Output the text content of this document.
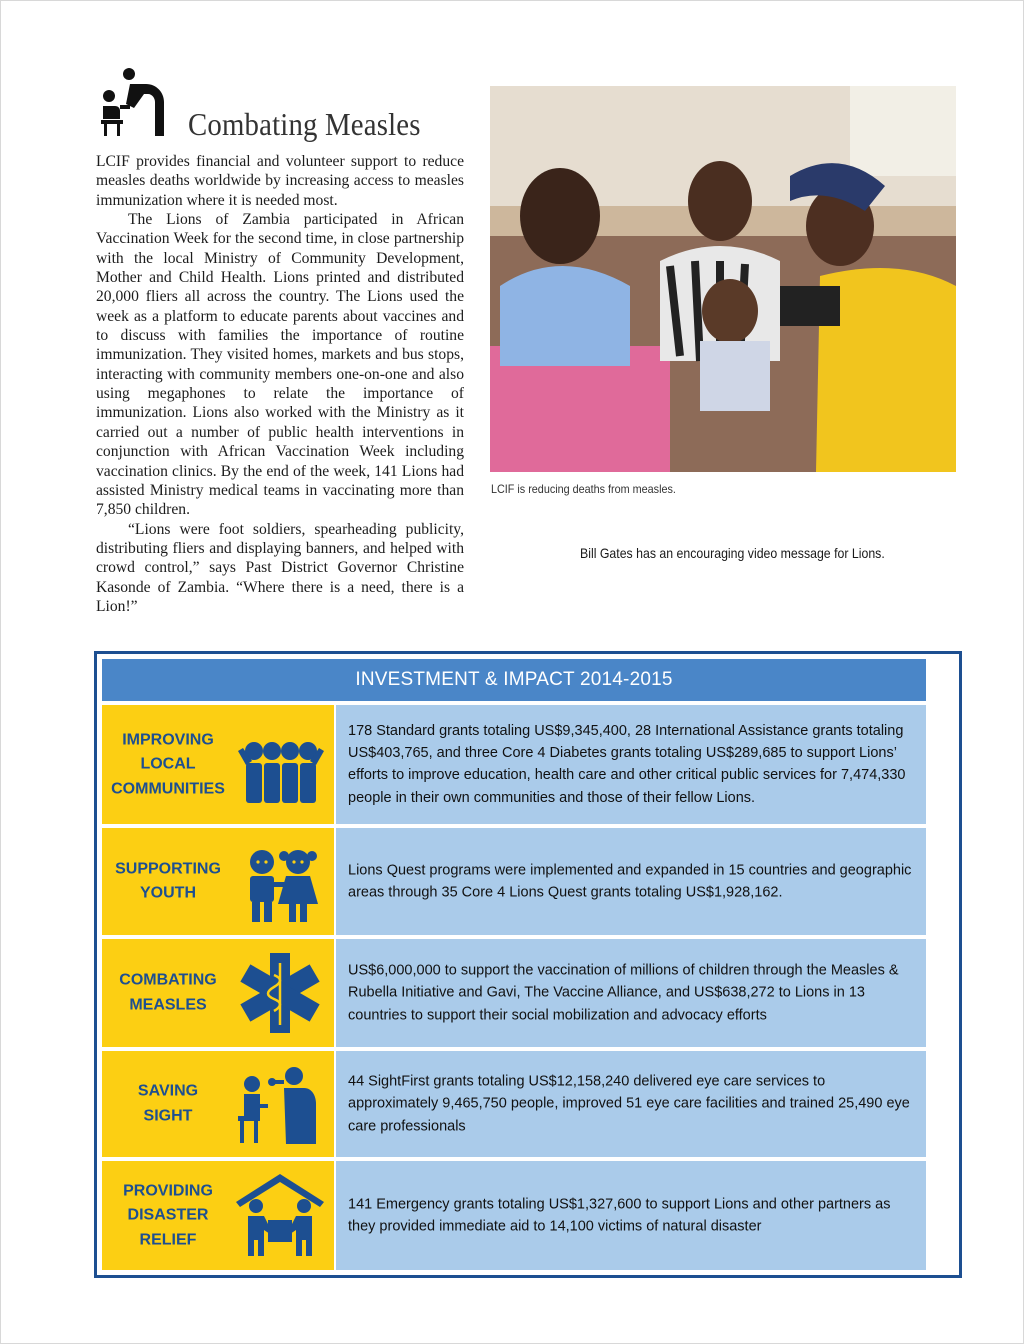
Combating Measles

LCIF provides financial and volunteer support to reduce measles deaths worldwide by increasing access to measles immunization where it is needed most.

The Lions of Zambia participated in African Vaccination Week for the second time, in close partnership with the local Ministry of Community Development, Mother and Child Health. Lions printed and distributed 20,000 fliers all across the country. The Lions used the week as a platform to educate parents about vaccines and to discuss with families the importance of routine immunization. They visited homes, markets and bus stops, interacting with community members one-on-one and also using megaphones to relate the importance of immunization. Lions also worked with the Ministry as it carried out a number of public health interventions in conjunction with African Vaccination Week including vaccination clinics. By the end of the week, 141 Lions had assisted Ministry medical teams in vaccinating more than 7,850 children.

“Lions were foot soldiers, spearheading publicity, distributing fliers and displaying banners, and helped with crowd control,” says Past District Governor Christine Kasonde of Zambia. “Where there is a need, there is a Lion!”

LCIF is reducing deaths from measles.
Bill Gates has an encouraging video message for Lions.
INVESTMENT & IMPACT 2014-2015
IMPROVING
LOCAL
COMMUNITIES
178 Standard grants totaling US$9,345,400, 28 International Assistance grants totaling US$403,765, and three Core 4 Diabetes grants totaling US$289,685 to support Lions’ efforts to improve education, health care and other critical public services for 7,474,330 people in their own communities and those of their fellow Lions.
SUPPORTING
YOUTH
Lions Quest programs were implemented and expanded in 15 countries and geographic areas through 35 Core 4 Lions Quest grants totaling US$1,928,162.
COMBATING
MEASLES
US$6,000,000 to support the vaccination of millions of children through the Measles & Rubella Initiative and Gavi, The Vaccine Alliance, and US$638,272 to Lions in 13 countries to support their social mobilization and advocacy efforts
SAVING
SIGHT
44 SightFirst grants totaling US$12,158,240 delivered eye care services to approximately 9,465,750 people, improved 51 eye care facilities and trained 25,490 eye care professionals
PROVIDING
DISASTER
RELIEF
141 Emergency grants totaling US$1,327,600 to support Lions and other partners as they provided immediate aid to 14,100 victims of natural disaster
